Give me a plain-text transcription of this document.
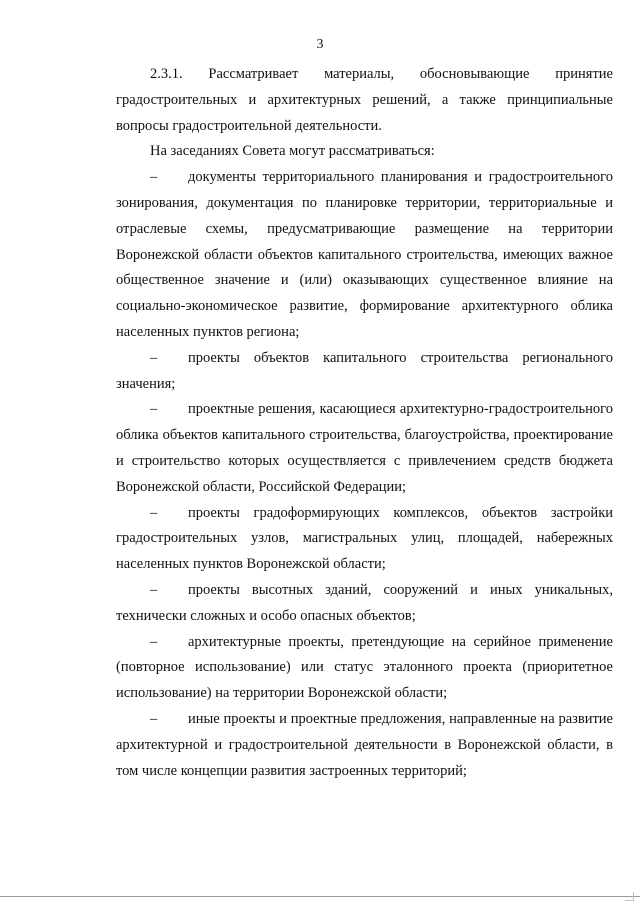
3

2.3.1. Рассматривает материалы, обосновывающие принятие градостроительных и архитектурных решений, а также принципиальные вопросы градостроительной деятельности.

На заседаниях Совета могут рассматриваться:

– документы территориального планирования и градостроительного зонирования, документация по планировке территории, территориальные и отраслевые схемы, предусматривающие размещение на территории Воронежской области объектов капитального строительства, имеющих важное общественное значение и (или) оказывающих существенное влияние на социально-экономическое развитие, формирование архитектурного облика населенных пунктов региона;

– проекты объектов капитального строительства регионального значения;

– проектные решения, касающиеся архитектурно-градостроительного облика объектов капитального строительства, благоустройства, проектирование и строительство которых осуществляется с привлечением средств бюджета Воронежской области, Российской Федерации;

– проекты градоформирующих комплексов, объектов застройки градостроительных узлов, магистральных улиц, площадей, набережных населенных пунктов Воронежской области;

– проекты высотных зданий, сооружений и иных уникальных, технически сложных и особо опасных объектов;

– архитектурные проекты, претендующие на серийное применение (повторное использование) или статус эталонного проекта (приоритетное использование) на территории Воронежской области;

– иные проекты и проектные предложения, направленные на развитие архитектурной и градостроительной деятельности в Воронежской области, в том числе концепции развития застроенных территорий;
